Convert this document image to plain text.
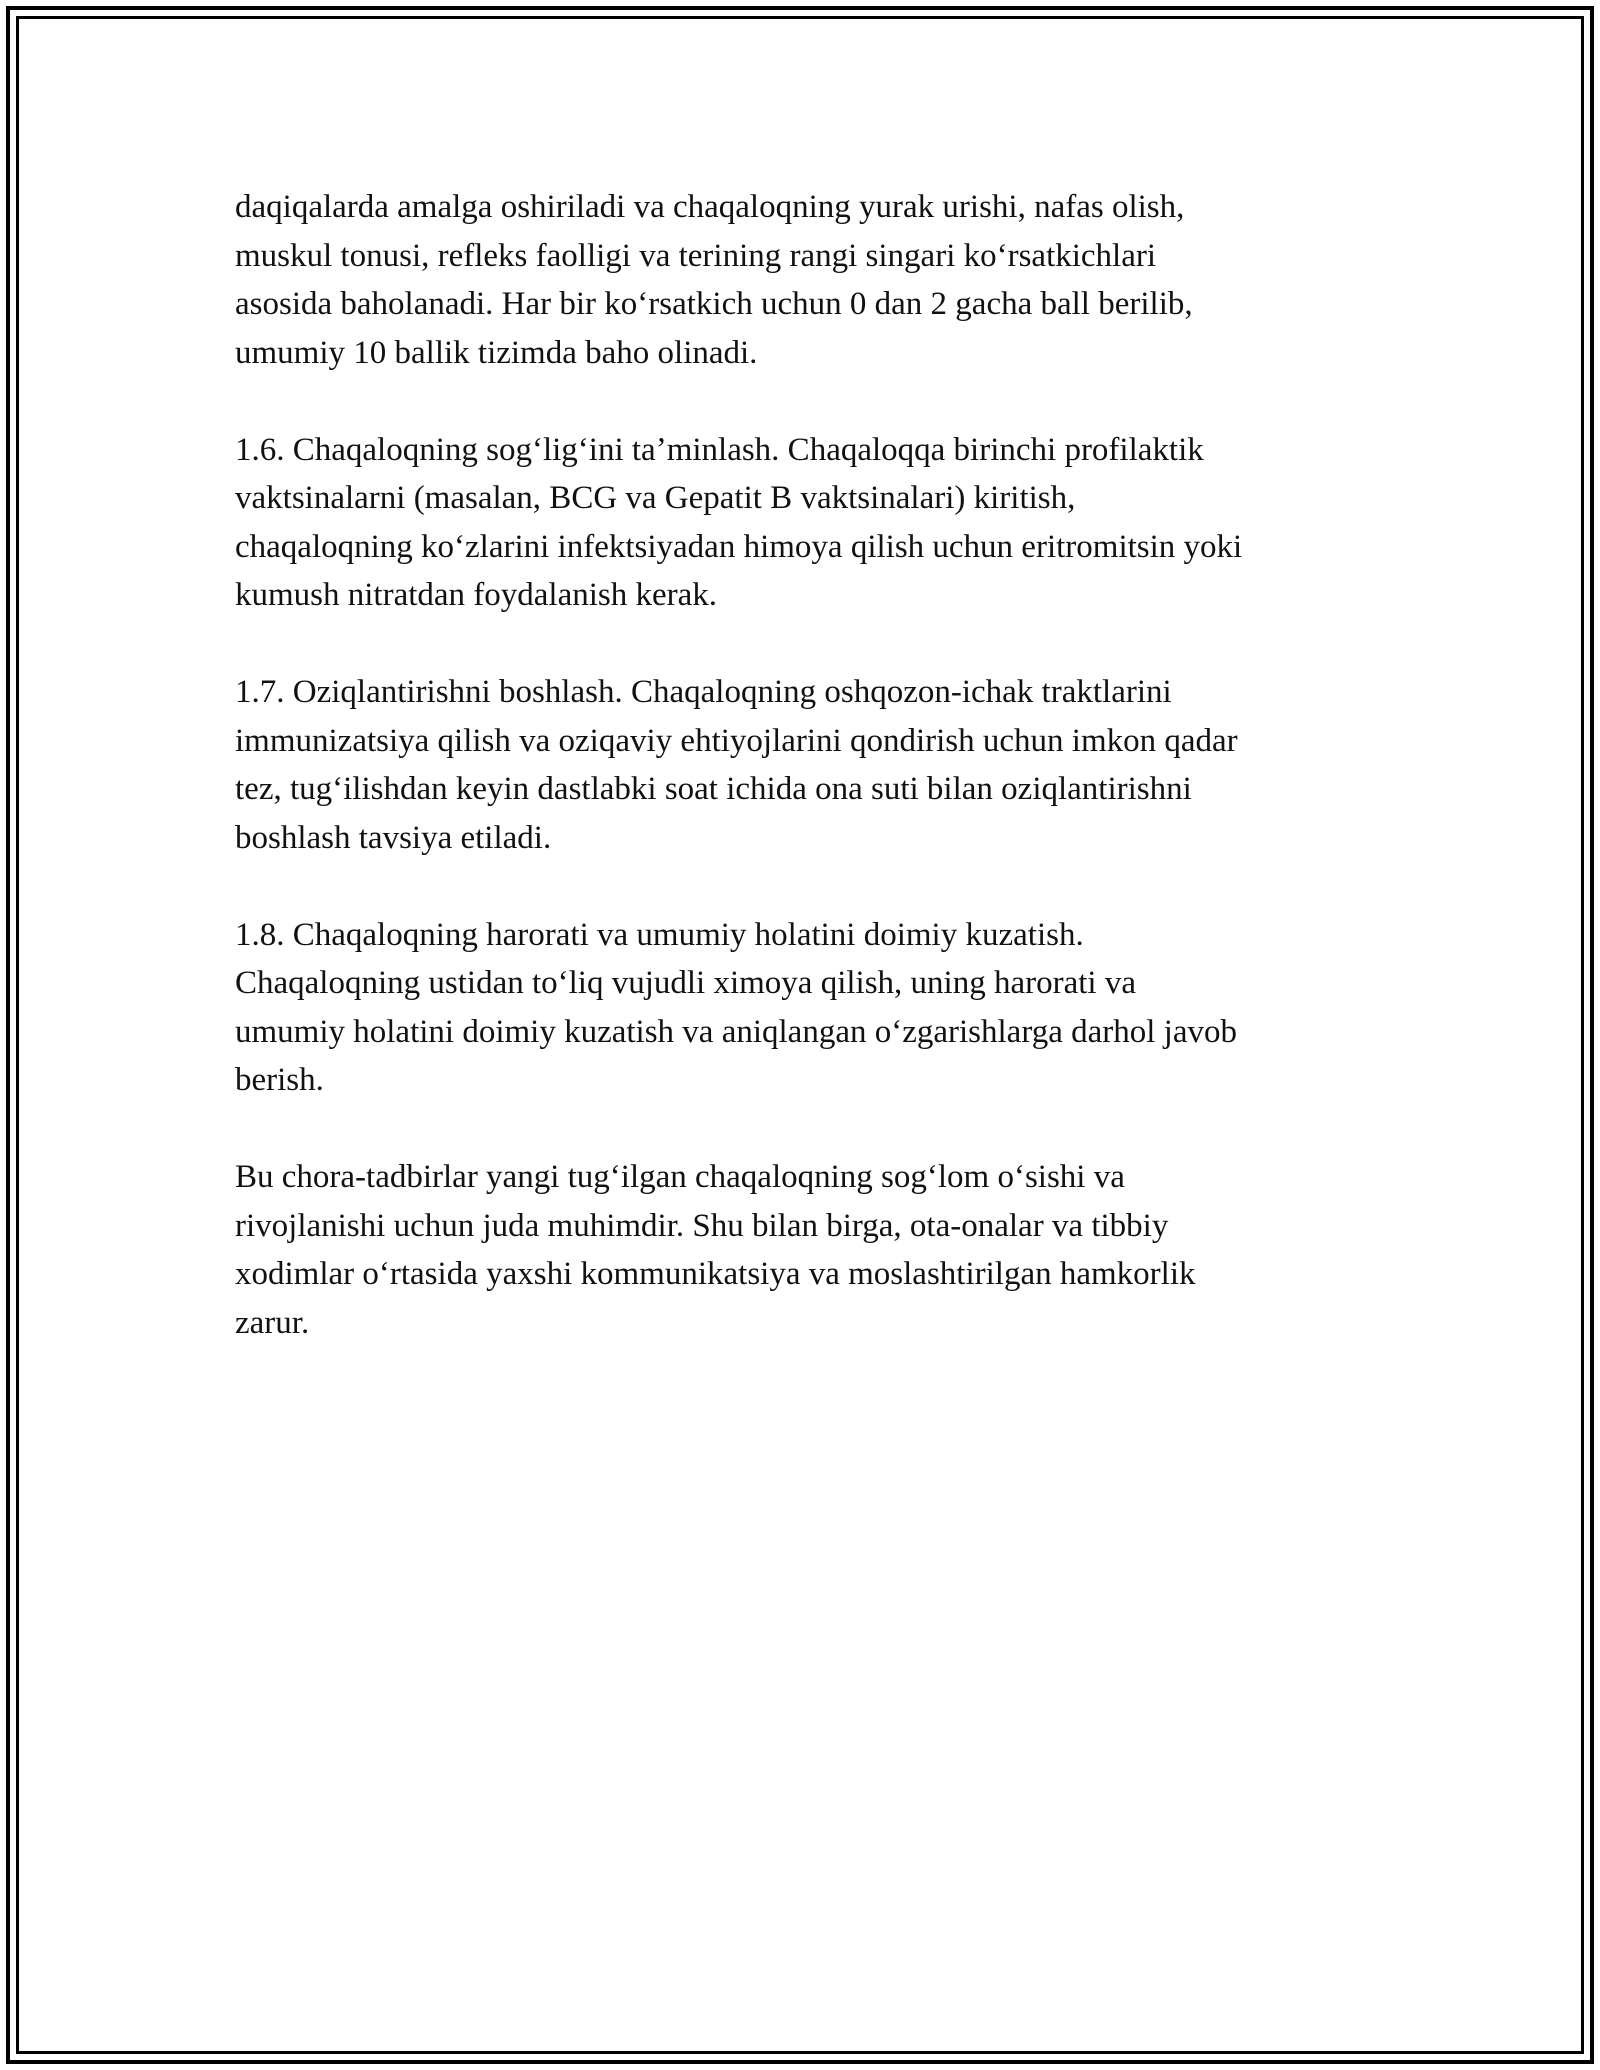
daqiqalarda amalga oshiriladi va chaqaloqning yurak urishi, nafas olish,
muskul tonusi, refleks faolligi va terining rangi singari koʻrsatkichlari
asosida baholanadi. Har bir koʻrsatkich uchun 0 dan 2 gacha ball berilib,
umumiy 10 ballik tizimda baho olinadi.

1.6. Chaqaloqning sogʻligʻini taʼminlash. Chaqaloqqa birinchi profilaktik
vaktsinalarni (masalan, BCG va Gepatit B vaktsinalari) kiritish,
chaqaloqning koʻzlarini infektsiyadan himoya qilish uchun eritromitsin yoki
kumush nitratdan foydalanish kerak.

1.7. Oziqlantirishni boshlash. Chaqaloqning oshqozon-ichak traktlarini
immunizatsiya qilish va oziqaviy ehtiyojlarini qondirish uchun imkon qadar
tez, tugʻilishdan keyin dastlabki soat ichida ona suti bilan oziqlantirishni
boshlash tavsiya etiladi.

1.8. Chaqaloqning harorati va umumiy holatini doimiy kuzatish.
Chaqaloqning ustidan toʻliq vujudli ximoya qilish, uning harorati va
umumiy holatini doimiy kuzatish va aniqlangan oʻzgarishlarga darhol javob
berish.

Bu chora-tadbirlar yangi tugʻilgan chaqaloqning sogʻlom oʻsishi va
rivojlanishi uchun juda muhimdir. Shu bilan birga, ota-onalar va tibbiy
xodimlar oʻrtasida yaxshi kommunikatsiya va moslashtirilgan hamkorlik
zarur.
